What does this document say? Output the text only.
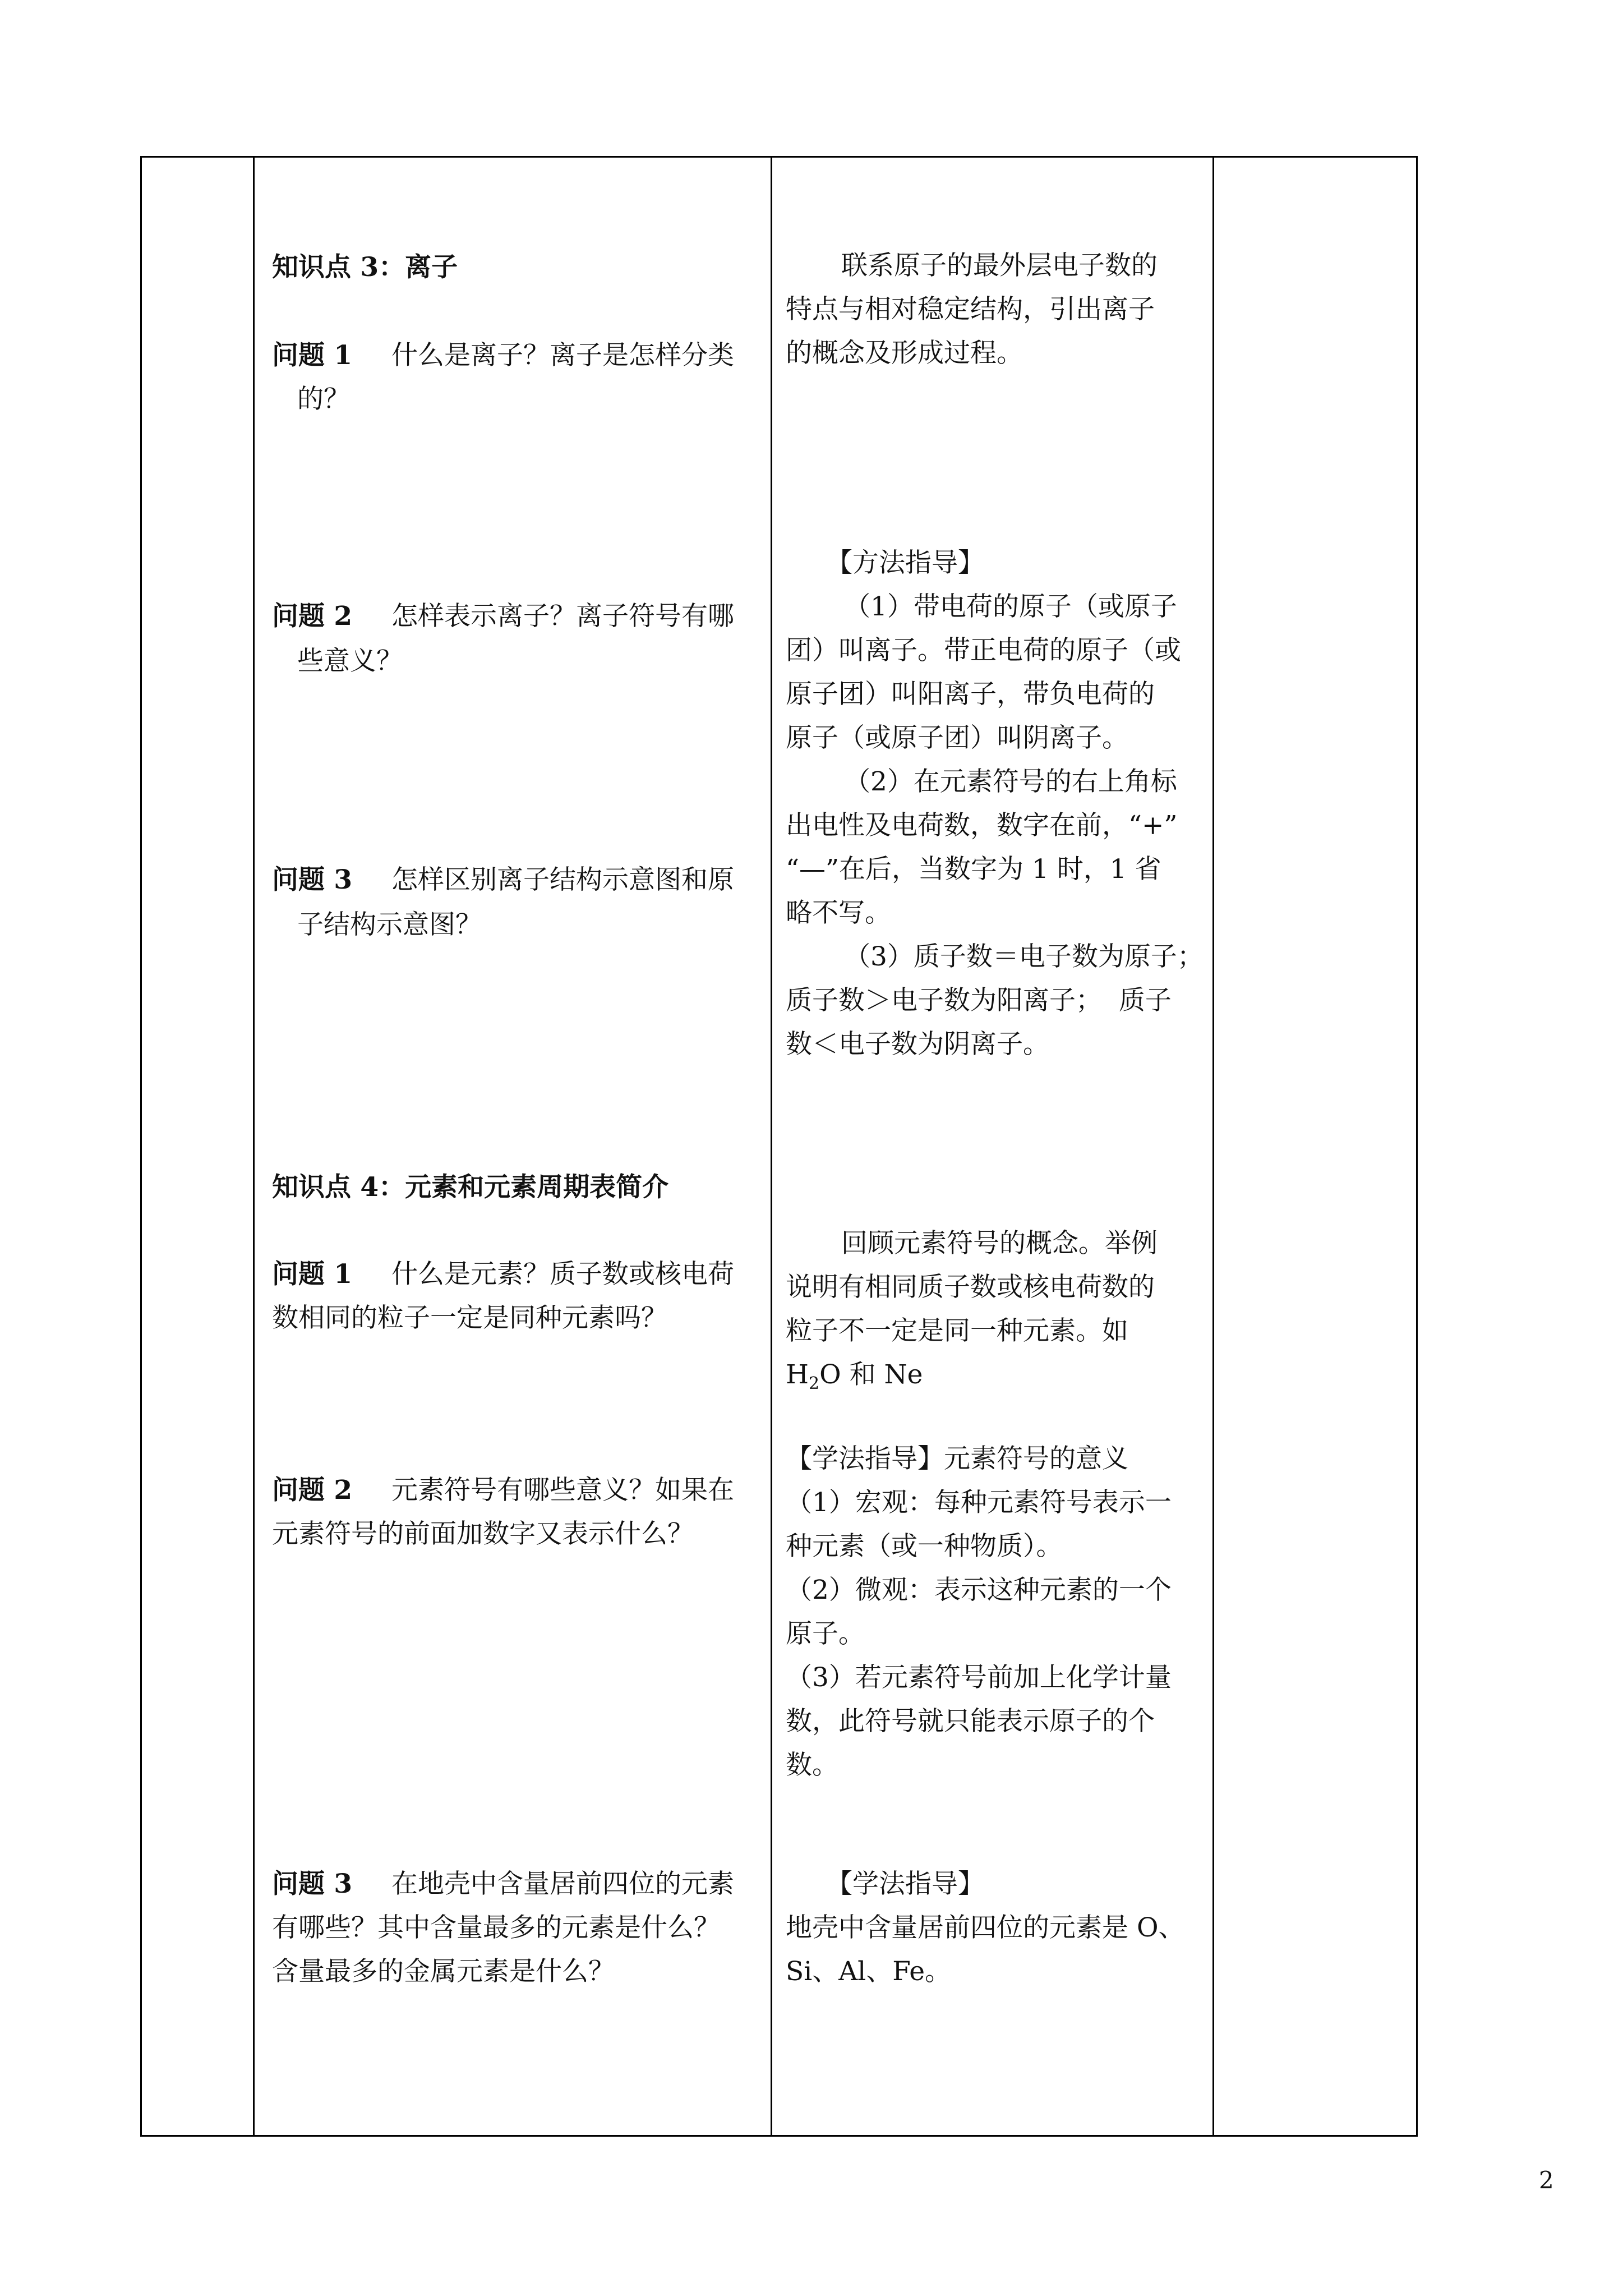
知识点 3：离子

问题 1 什么是离子？离子是怎样分类

的？

问题 2 怎样表示离子？离子符号有哪

些意义？

问题 3 怎样区别离子结构示意图和原

子结构示意图？

知识点 4：元素和元素周期表简介

问题 1 什么是元素？质子数或核电荷

数相同的粒子一定是同种元素吗？

问题 2 元素符号有哪些意义？如果在

元素符号的前面加数字又表示什么？

问题 3 在地壳中含量居前四位的元素

有哪些？其中含量最多的元素是什么？

含量最多的金属元素是什么？

联系原子的最外层电子数的

特点与相对稳定结构，引出离子

的概念及形成过程。

【方法指导】

（1）带电荷的原子（或原子

团）叫离子。带正电荷的原子（或

原子团）叫阳离子，带负电荷的

原子（或原子团）叫阴离子。

（2）在元素符号的右上角标

出电性及电荷数，数字在前，“+”

“—”在后，当数字为 1 时，1 省

略不写。

（3）质子数＝电子数为原子；

质子数＞电子数为阳离子；  质子

数＜电子数为阴离子。

回顾元素符号的概念。举例

说明有相同质子数或核电荷数的

粒子不一定是同一种元素。如

$H_2O$ 和 Ne

【学法指导】元素符号的意义

（1）宏观：每种元素符号表示一

种元素（或一种物质）。

（2）微观：表示这种元素的一个

原子。

（3）若元素符号前加上化学计量

数，此符号就只能表示原子的个

数。

【学法指导】

地壳中含量居前四位的元素是 O、

Si、Al、Fe。

2
